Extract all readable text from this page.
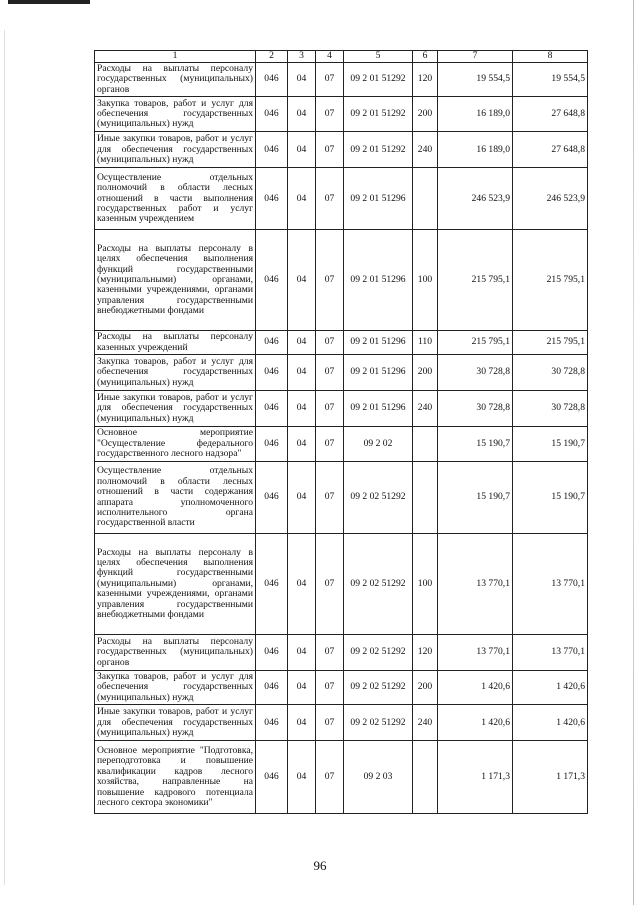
1	2	3	4	5	6	7	8
Расходы на выплаты персоналу государственных (муниципальных) органов	046	04	07	09 2 01 51292	120	19 554,5	19 554,5
Закупка товаров, работ и услуг для обеспечения государственных (муниципальных) нужд	046	04	07	09 2 01 51292	200	16 189,0	27 648,8
Иные закупки товаров, работ и услуг для обеспечения государственных (муниципальных) нужд	046	04	07	09 2 01 51292	240	16 189,0	27 648,8
Осуществление отдельных полномочий в области лесных отношений в части выполнения государственных работ и услуг казенным учреждением	046	04	07	09 2 01 51296		246 523,9	246 523,9
Расходы на выплаты персоналу в целях обеспечения выполнения функций государственными (муниципальными) органами, казенными учреждениями, органами управления государственными внебюджетными фондами	046	04	07	09 2 01 51296	100	215 795,1	215 795,1
Расходы на выплаты персоналу казенных учреждений	046	04	07	09 2 01 51296	110	215 795,1	215 795,1
Закупка товаров, работ и услуг для обеспечения государственных (муниципальных) нужд	046	04	07	09 2 01 51296	200	30 728,8	30 728,8
Иные закупки товаров, работ и услуг для обеспечения государственных (муниципальных) нужд	046	04	07	09 2 01 51296	240	30 728,8	30 728,8
Основное мероприятие "Осуществление федерального государственного лесного надзора"	046	04	07	09 2 02		15 190,7	15 190,7
Осуществление отдельных полномочий в области лесных отношений в части содержания аппарата уполномоченного исполнительного органа государственной власти	046	04	07	09 2 02 51292		15 190,7	15 190,7
Расходы на выплаты персоналу в целях обеспечения выполнения функций государственными (муниципальными) органами, казенными учреждениями, органами управления государственными внебюджетными фондами	046	04	07	09 2 02 51292	100	13 770,1	13 770,1
Расходы на выплаты персоналу государственных (муниципальных) органов	046	04	07	09 2 02 51292	120	13 770,1	13 770,1
Закупка товаров, работ и услуг для обеспечения государственных (муниципальных) нужд	046	04	07	09 2 02 51292	200	1 420,6	1 420,6
Иные закупки товаров, работ и услуг для обеспечения государственных (муниципальных) нужд	046	04	07	09 2 02 51292	240	1 420,6	1 420,6
Основное мероприятие "Подготовка, переподготовка и повышение квалификации кадров лесного хозяйства, направленные на повышение кадрового потенциала лесного сектора экономики"	046	04	07	09 2 03		1 171,3	1 171,3
96
